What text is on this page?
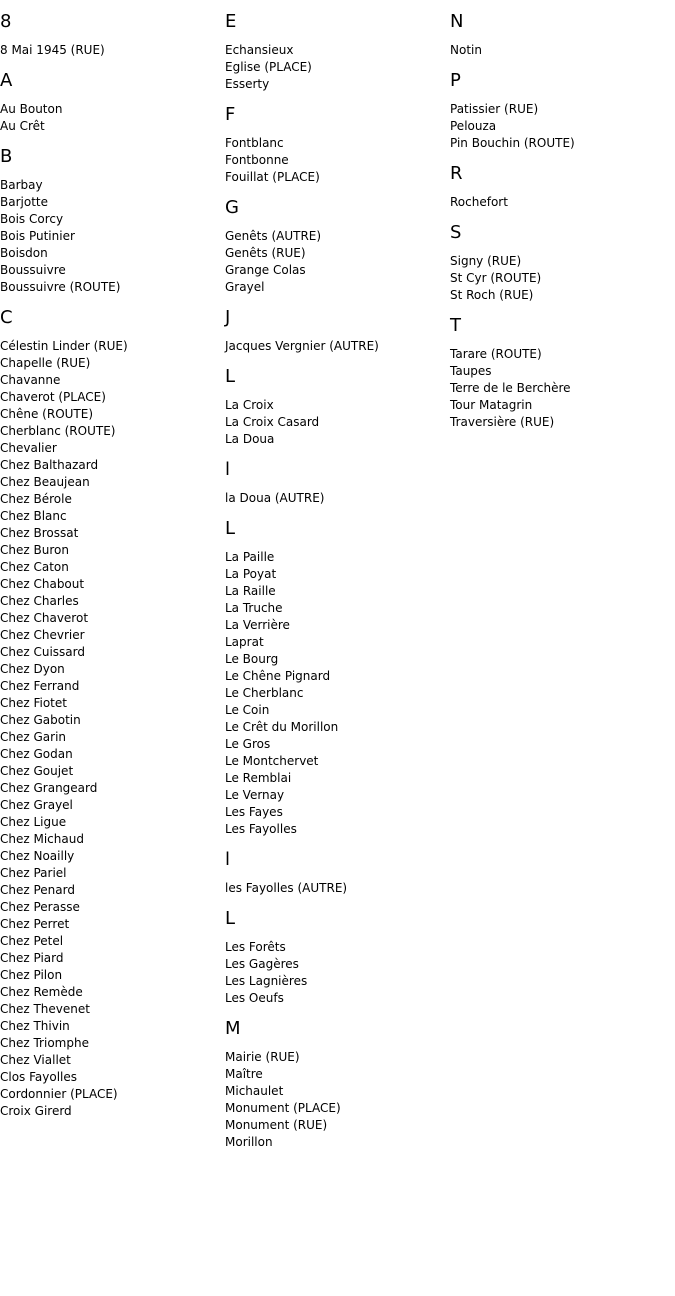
8
8 Mai 1945 (RUE)
A
Au Bouton
Au Crêt
B
Barbay
Barjotte
Bois Corcy
Bois Putinier
Boisdon
Boussuivre
Boussuivre (ROUTE)
C
Célestin Linder (RUE)
Chapelle (RUE)
Chavanne
Chaverot (PLACE)
Chêne (ROUTE)
Cherblanc (ROUTE)
Chevalier
Chez Balthazard
Chez Beaujean
Chez Bérole
Chez Blanc
Chez Brossat
Chez Buron
Chez Caton
Chez Chabout
Chez Charles
Chez Chaverot
Chez Chevrier
Chez Cuissard
Chez Dyon
Chez Ferrand
Chez Fiotet
Chez Gabotin
Chez Garin
Chez Godan
Chez Goujet
Chez Grangeard
Chez Grayel
Chez Ligue
Chez Michaud
Chez Noailly
Chez Pariel
Chez Penard
Chez Perasse
Chez Perret
Chez Petel
Chez Piard
Chez Pilon
Chez Remède
Chez Thevenet
Chez Thivin
Chez Triomphe
Chez Viallet
Clos Fayolles
Cordonnier (PLACE)
Croix Girerd
E
Echansieux
Eglise (PLACE)
Esserty
F
Fontblanc
Fontbonne
Fouillat (PLACE)
G
Genêts (AUTRE)
Genêts (RUE)
Grange Colas
Grayel
J
Jacques Vergnier (AUTRE)
L
La Croix
La Croix Casard
La Doua
l
la Doua (AUTRE)
L
La Paille
La Poyat
La Raille
La Truche
La Verrière
Laprat
Le Bourg
Le Chêne Pignard
Le Cherblanc
Le Coin
Le Crêt du Morillon
Le Gros
Le Montchervet
Le Remblai
Le Vernay
Les Fayes
Les Fayolles
l
les Fayolles (AUTRE)
L
Les Forêts
Les Gagères
Les Lagnières
Les Oeufs
M
Mairie (RUE)
Maître
Michaulet
Monument (PLACE)
Monument (RUE)
Morillon
N
Notin
P
Patissier (RUE)
Pelouza
Pin Bouchin (ROUTE)
R
Rochefort
S
Signy (RUE)
St Cyr (ROUTE)
St Roch (RUE)
T
Tarare (ROUTE)
Taupes
Terre de le Berchère
Tour Matagrin
Traversière (RUE)
